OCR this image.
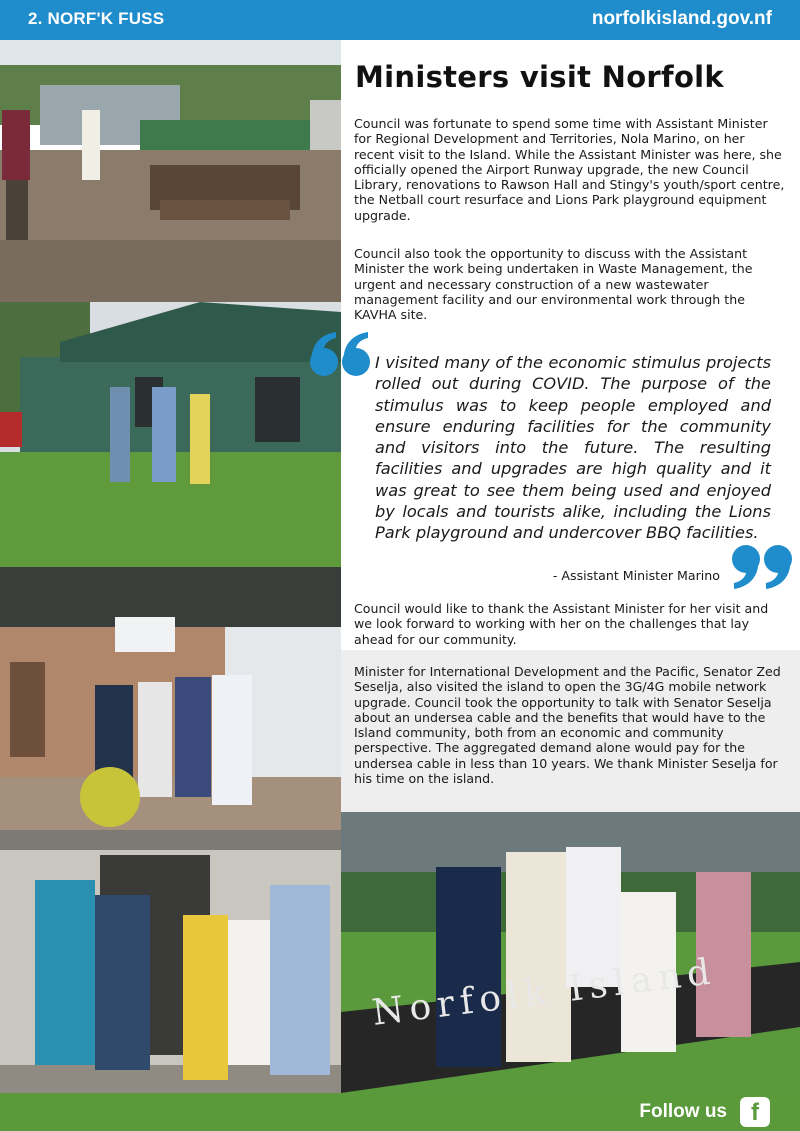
2. NORF'K FUSS	norfolkisland.gov.nf
Norfolk Island
Ministers visit Norfolk

Council was fortunate to spend some time with Assistant Minister for Regional Development and Territories, Nola Marino, on her recent visit to the Island. While the Assistant Minister was here, she officially opened the Airport Runway upgrade, the new Council Library, renovations to Rawson Hall and Stingy's youth/sport centre, the Netball court resurface and Lions Park playground equipment upgrade.

Council also took the opportunity to discuss with the Assistant Minister the work being undertaken in Waste Management, the urgent and necessary construction of a new wastewater management facility and our environmental work through the KAVHA site.

I visited many of the economic stimulus projects rolled out during COVID. The purpose of the stimulus was to keep people employed and ensure enduring facilities for the community and visitors into the future. The resulting facilities and upgrades are high quality and it was great to see them being used and enjoyed by locals and tourists alike, including the Lions Park playground and undercover BBQ facilities.

- Assistant Minister Marino

Council would like to thank the Assistant Minister for her visit and we look forward to working with her on the challenges that lay ahead for our community.

Minister for International Development and the Pacific, Senator Zed Seselja, also visited the island to open the 3G/4G mobile network upgrade. Council took the opportunity to talk with Senator Seselja about an undersea cable and the benefits that would have to the Island community, both from an economic and community perspective. The aggregated demand alone would pay for the undersea cable in less than 10 years. We thank Minister Seselja for his time on the island.

Follow us	f
